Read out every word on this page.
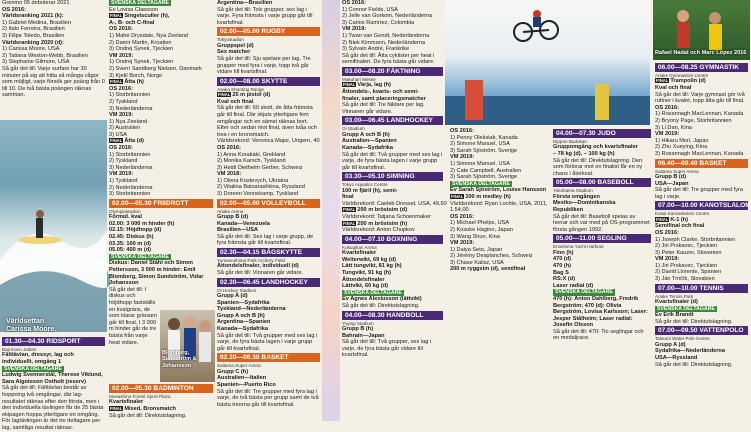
Grenmo 05 debuterar 2021
OS 2016:
Världsranking 2021 (k):
1) Gabriel Medina, Brasilien
2) Italo Ferreira, Brasilien
3) Filipe Toledo, Brasilien
Världsranking 2020 (d):
1) Carissa Moore, USA
2) Tatiana Weston-Webb, Brasilien
3) Stephanie Gilmore, USA
Så går det till: Varje surfare har 30 minuter på sig att hitta så många vågor som möjligt, varje försök ger poäng från 0 till 10. De två bästa poängen räknas samman.
Världsettan Carissa Moore.
01.30—04.30 RIDSPORT
Baji Koen Jaiben
Fälttävlan, dressyr, lag och
individuellt, omgång 1
SVENSKA DELTAGARE
Ludwig Svennerstål, Therese Viklund, Sara Algotsson Ostholt (reserv)
Så går det till: Fälttävlan består av hoppning två omgångar, där lag-resultatet räknas efter den första, men i den individuella tävlingen får de 25 bästa ekipagen hoppa ytterligare en omgång. För lagtävlingen är det tre deltagare per lag, samtliga resultat räknas.
SVENSKA DELTAGARE
Ev Lovisa Claesson
FINAL Singelsculler (h),
A-, B- och C-final
OS 2016:
1) Mahé Drysdale, Nya Zeeland
2) Damir Martin, Kroatien
3) Ondrej Synek, Tjeckien
VM 2019:
1) Ondrej Synek, Tjeckien
2) Sverri Sandberg Nielsen, Danmark
3) Kjetil Borch, Norge
FINAL Åtta (h)
OS 2016:
1) Storbritannien
2) Tyskland
3) Nederländerna
VM 2019:
1) Nya Zeeland
2) Australien
3) USA
FINAL Åtta (d)
OS 2016:
1) Storbritannien
2) Tyskland
3) Nederländerna
VM 2019:
1) Tyskland
2) Nederländerna
3) Storbritannien
02.00—05.30 FRIIDROTT
Olympiastadion
Förmid. kval
02.00: 3 000 m hinder (h)
02.15: Höjdhopp (d)
02.45: Diskus (h)
03.35: 100 m (d)
05.05: 400 m (d)
SVENSKA DELTAGARE
Diskus: Daniel Ståhl och Simon Pettersson, 3 000 m hinder: Emil Blomberg, Simon Sundström, Vidar Johansson
Så går det till: I diskus och höjdhopp fastställs en kvalgräns, de som klarar gränsen går till final. I 3 000 m hinder går de tre bästa från varje heat vidare.
Blomberg, Sundström & Johansson
02.00—05.30 BADMINTON
Musashino Forest Sport Plaza
Kvartsfinaler
FINAL Mixed, Bronsmatch
Så går det till: Direktutslagning.
Argentina—Brasilien
Så går det till: Tolv grupper, sex lag i varje. Fyra främsta i varje grupp går till kvartsfinal.
02.00—05.00 RUGBY
Tokyostadion
Gruppspel (d)
Sex matcher
Så går det till: Sju spelare per lag. Tre grupper med fyra i varje, topp två går vidare till kvartsfinal.
02.00—08.00 SKYTTE
Asaka Shooting Range
FINAL 25 m pistol (d)
Kval och final
Så går det till: 60 skott, de åtta främsta går till final. Där skjuts ytterligare fem omgångar och en sämst räknas bort. Efter och sedan mot final, även tvåa och trea i en bronsmatch.
Världsrekord: Veronica Major, Ungern, 40
OS 2016:
1) Anna Korakaki, Grekland
2) Monika Karsch, Tyskland
3) Heidi Diethelm Gerber, Schweiz
VM 2018:
1) Olena Kostevych, Ukraina
2) Vitalina Batsarashkina, Ryssland
3) Doreen Vennekamp, Tyskland
02.00—05.00 VOLLEYBOLL
Ariake Arena
Grupp B (d)
Kanada—Venezuela
Brasilien—USA
Så går det till: Sex lag i varje grupp, de fyra främsta går till kvartsfinal.
02.30—04.15 BÅGSKYTTE
Yumenoshima Park Archery Field
Åttondelsfinaler, individuell (d)
Så går det till: Vinnaren går vidare.
02.30—06.45 LANDHOCKEY
Oi Hockey Stadium
Grupp A (d)
Spanien—Sydafrika
Tyskland—Nederländerna
Grupp A och B (h)
Argentina—Spanien
Kanada—Sydafrika
Så går det till: Två grupper med sex lag i varje, de fyra bästa lagen i varje grupp går till kvartsfinal.
02.30—06.30 BASKET
Saitama Super Arena
Grupp C (h)
Australien—Italien
Spanien—Puerto Rico
Så går det till: Tre grupper med fyra lag i varje, de två bästa per grupp samt de två bästa treorna går till kvartsfinal.
OS 2016:
1) Connor Fields, USA
2) Jelle van Gorkom, Nederländerna
3) Carlos Ramírez, Colombia
VM 2019:
1) Twan van Gendt, Nederländerna
2) Niek Kimmann, Nederländerna
3) Sylvain André, Frankrike
Så går det till: Åtta cyklister per heat i semifinalen. De fyra bästa går vidare.
03.00—08.20 FÄKTNING
Makuhari Messe
FINAL Värja, lag (h)
Åttondels-, kvarts- och semi-
finaler, samt placeringsmatcher
Så går det till: Tre fäktare per lag. Vinnaren går vidare.
03.00—06.45 LANDHOCKEY
Oi Stadium
Grupp A och B (h)
Australien—Spanien
Kanada—Sydafrika
Så går det till: Två grupper med sex lag i varje, de fyra bästa lagen i varje grupp går till kvartsfinal.
03.30—05.10 SIMNING
Tokyo Aquatics Centre
100 m fjäril (h), semi-
final
Världsrekord: Caeleb Dressel, USA, 49,50
FINAL 200 m bröstsim (d)
Världsrekord: Tatjana Schoenmaker
FINAL 200 m bröstsim (h)
Världsrekord: Anton Chupkov
04.00—07.10 BOXNING
Kokugikan Arena
Kvartsfinaler
Welterwikt, 69 kg (d)
Lätt tungvikt, 81 kg (h)
Tungvikt, 91 kg (h)
Åttondelsfinaler
Lättvikt, 60 kg (d)
SVENSKA DELTAGARE
Ev Agnes Alexiusson (lättvikt)
Så går det till: Direktutslagning.
04.00—08.30 HANDBOLL
Yoyogi Stadium
Grupp B (h)
Bahrain—Japan
Så går det till: Två grupper, sex lag i varje, de fyra bästa går vidare till kvartsfinal.
OS 2016:
1) Penny Oleksiak, Kanada
2) Simone Manuel, USA
3) Sarah Sjöström, Sverige
VM 2019:
1) Simone Manuel, USA
2) Cate Campbell, Australien
3) Sarah Sjöström, Sverige
SVENSKA DELTAGARE
Ev Sarah Sjöström, Louise Hansson
FINAL 200 m medley (h)
Världsrekord: Ryan Lochte, USA, 2011, 1.54,00
OS 2016:
1) Michael Phelps, USA
2) Kosuke Hagino, Japan
3) Wang Shun, Kina
VM 2019:
1) Daiya Seto, Japan
2) Jérémy Desplanches, Schweiz
3) Chase Kalisz, USA
200 m ryggsim (d), semifinal
04.00—07.30 JUDO
Nippon Budokan
Gruppomgång och kvartsfinaler
– 78 kg (d), – 100 kg (h)
Så går det till: Direktutslagning. Den som förlorar mot en finalist får en ny chans i återkval.
05.00—08.00 BASEBOLL
Yokohama Stadium
Första omgången
Mexiko—Dominikanska
Republiken
Så går det till: Baseboll spelas av herrar och var med på OS-programmet första gången 1992.
05.00—11.00 SEGLING
Enoshima Yacht Harbour
Finn (h)
470 (d)
470 (h)
Bag S
RS:X (d)
Laser radial (d)
SVENSKA DELTAGARE
470 (h): Anton Dahlberg, Fredrik Bergström; 470 (d): Olivia Bergström, Lovisa Karlsson; Laser: Jesper Stålheim; Laser radial: Josefin Olsson
Så går det till: 470: Tio seglingar och en medaljrace.
Rafael Nadal och Marc López 2016
06.00—08.25 GYMNASTIK
Ariake Gymnastics Centre
FINAL Trampolin (d)
Kval och final
Så går det till: Varje gymnast gör två rutiner i kvalet, topp åtta går till final.
OS 2016:
1) Rosannagh MacLennan, Kanada
2) Bryony Page, Storbritannien
3) Li Dan, Kina
VM 2019:
1) Hikaru Mori, Japan
2) Zhu Xueying, Kina
3) Rosannagh MacLennan, Kanada
06.40—09.40 BASKET
Saitama Super Arena
Grupp B (d)
USA—Japan
Så går det till: Tre grupper med fyra lag i varje.
07.00—10.00 KANOTSLALOM
Kasai Kanoeslalom Centre
FINAL K-1 (h)
Semifinal och final
OS 2016:
1) Joseph Clarke, Storbritannien
2) Jiri Prskavec, Tjeckien
3) Peter Kauzer, Slovenien
VM 2019:
1) Jiri Prskavec, Tjeckien
2) David Llorente, Spanien
3) Ján Trnčík, Slovakien
07.00—10.00 TENNIS
Ariake Tennis Park
Kvartsfinaler (d)
SVENSKA DELTAGARE
Ev Erik Brandt
Så går det till: Direktutslagning.
07.00—09.50 VATTENPOLO
Tatsumi Water Polo Centre
Grupp A (d)
Sydafrika—Nederländerna
USA—Ryssland
Så går det till: Direktutslagning.
